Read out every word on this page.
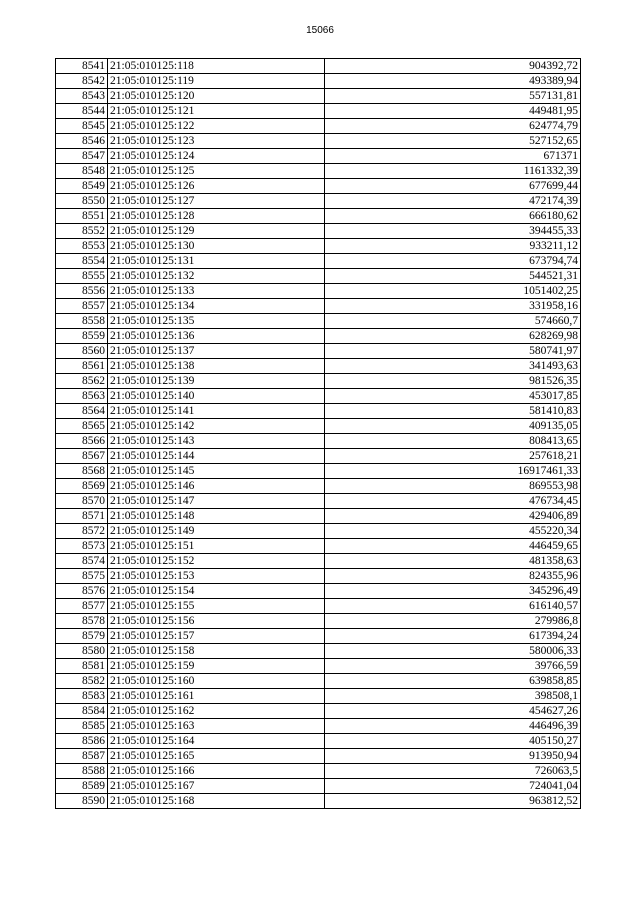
15066
8541	21:05:010125:118	904392,72
8542	21:05:010125:119	493389,94
8543	21:05:010125:120	557131,81
8544	21:05:010125:121	449481,95
8545	21:05:010125:122	624774,79
8546	21:05:010125:123	527152,65
8547	21:05:010125:124	671371
8548	21:05:010125:125	1161332,39
8549	21:05:010125:126	677699,44
8550	21:05:010125:127	472174,39
8551	21:05:010125:128	666180,62
8552	21:05:010125:129	394455,33
8553	21:05:010125:130	933211,12
8554	21:05:010125:131	673794,74
8555	21:05:010125:132	544521,31
8556	21:05:010125:133	1051402,25
8557	21:05:010125:134	331958,16
8558	21:05:010125:135	574660,7
8559	21:05:010125:136	628269,98
8560	21:05:010125:137	580741,97
8561	21:05:010125:138	341493,63
8562	21:05:010125:139	981526,35
8563	21:05:010125:140	453017,85
8564	21:05:010125:141	581410,83
8565	21:05:010125:142	409135,05
8566	21:05:010125:143	808413,65
8567	21:05:010125:144	257618,21
8568	21:05:010125:145	16917461,33
8569	21:05:010125:146	869553,98
8570	21:05:010125:147	476734,45
8571	21:05:010125:148	429406,89
8572	21:05:010125:149	455220,34
8573	21:05:010125:151	446459,65
8574	21:05:010125:152	481358,63
8575	21:05:010125:153	824355,96
8576	21:05:010125:154	345296,49
8577	21:05:010125:155	616140,57
8578	21:05:010125:156	279986,8
8579	21:05:010125:157	617394,24
8580	21:05:010125:158	580006,33
8581	21:05:010125:159	39766,59
8582	21:05:010125:160	639858,85
8583	21:05:010125:161	398508,1
8584	21:05:010125:162	454627,26
8585	21:05:010125:163	446496,39
8586	21:05:010125:164	405150,27
8587	21:05:010125:165	913950,94
8588	21:05:010125:166	726063,5
8589	21:05:010125:167	724041,04
8590	21:05:010125:168	963812,52
